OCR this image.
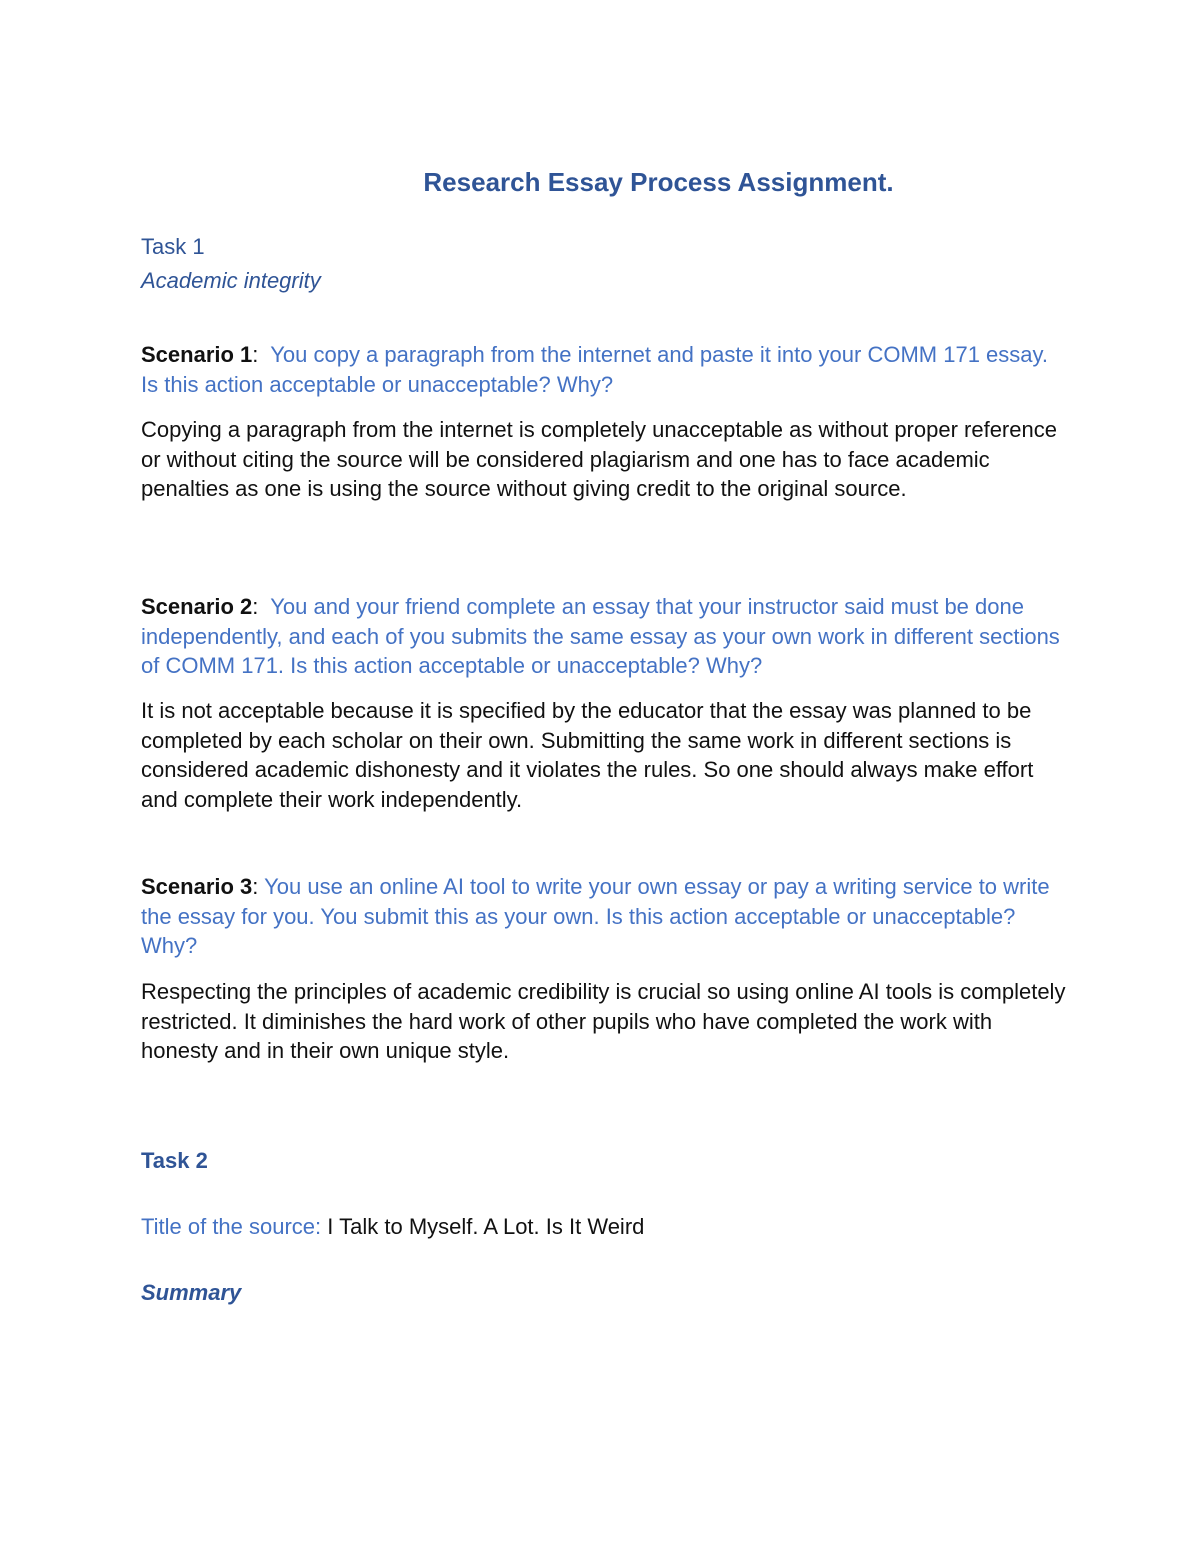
Research Essay Process Assignment.
Task 1
Academic integrity

Scenario 1: You copy a paragraph from the internet and paste it into your COMM 171 essay. Is this action acceptable or unacceptable? Why?

Copying a paragraph from the internet is completely unacceptable as without proper reference or without citing the source will be considered plagiarism and one has to face academic penalties as one is using the source without giving credit to the original source.

Scenario 2: You and your friend complete an essay that your instructor said must be done independently, and each of you submits the same essay as your own work in different sections of COMM 171. Is this action acceptable or unacceptable? Why?

It is not acceptable because it is specified by the educator that the essay was planned to be completed by each scholar on their own. Submitting the same work in different sections is considered academic dishonesty and it violates the rules. So one should always make effort and complete their work independently.

Scenario 3: You use an online AI tool to write your own essay or pay a writing service to write the essay for you. You submit this as your own. Is this action acceptable or unacceptable? Why?

Respecting the principles of academic credibility is crucial so using online AI tools is completely restricted. It diminishes the hard work of other pupils who have completed the work with honesty and in their own unique style.

Task 2

Title of the source: I Talk to Myself. A Lot. Is It Weird

Summary
